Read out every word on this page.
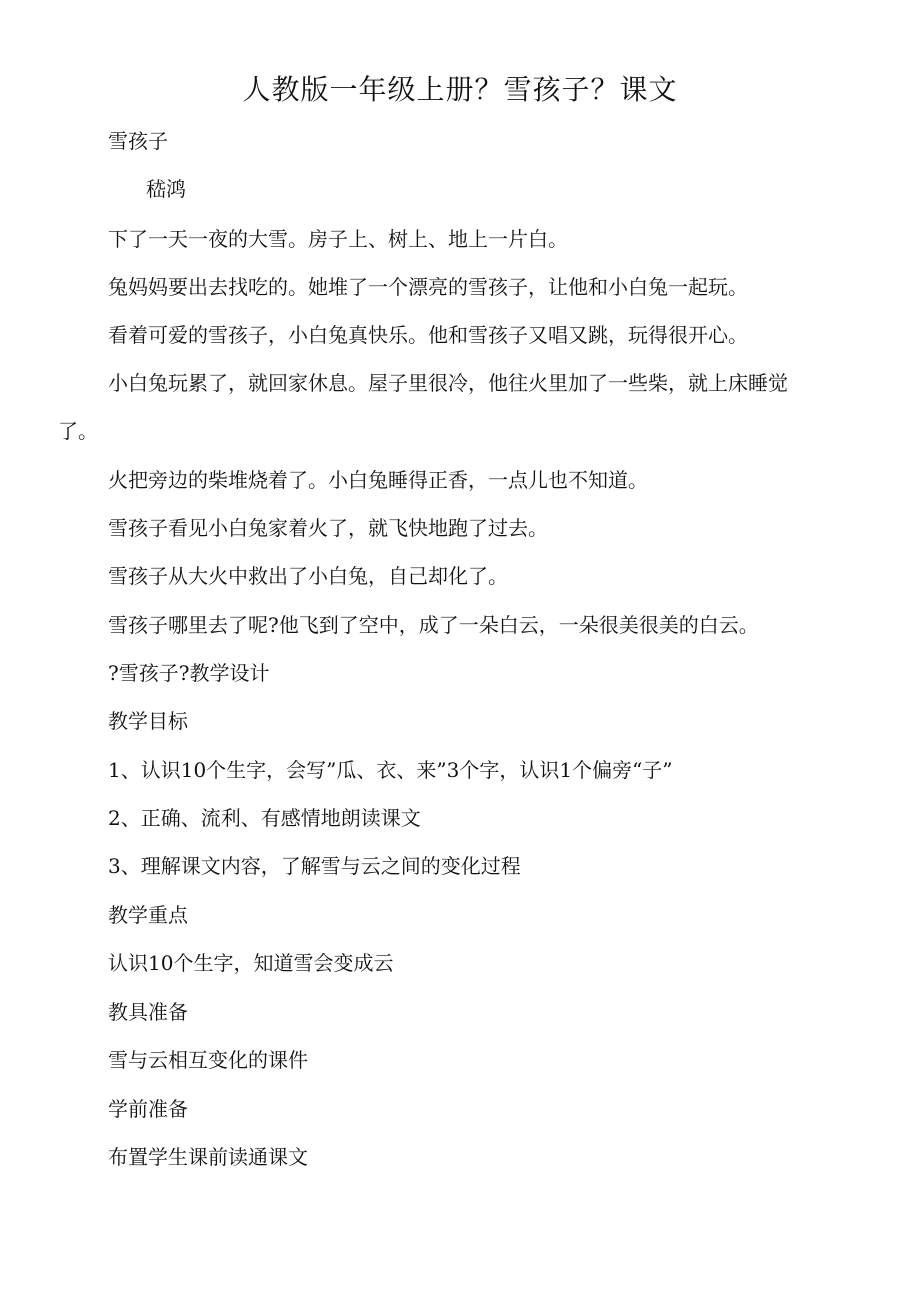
人教版一年级上册？雪孩子？课文
雪孩子
嵇鸿
下了一天一夜的大雪。房子上、树上、地上一片白。
兔妈妈要出去找吃的。她堆了一个漂亮的雪孩子，让他和小白兔一起玩。
看着可爱的雪孩子，小白兔真快乐。他和雪孩子又唱又跳，玩得很开心。
小白兔玩累了，就回家休息。屋子里很冷，他往火里加了一些柴，就上床睡觉
了。
火把旁边的柴堆烧着了。小白兔睡得正香，一点儿也不知道。
雪孩子看见小白兔家着火了，就飞快地跑了过去。
雪孩子从大火中救出了小白兔，自己却化了。
雪孩子哪里去了呢?他飞到了空中，成了一朵白云，一朵很美很美的白云。
?雪孩子?教学设计
教学目标
1、认识10个生字，会写”瓜、衣、来”3个字，认识1个偏旁“子”
2、正确、流利、有感情地朗读课文
3、理解课文内容，了解雪与云之间的变化过程
教学重点
认识10个生字，知道雪会变成云
教具准备
雪与云相互变化的课件
学前准备
布置学生课前读通课文
